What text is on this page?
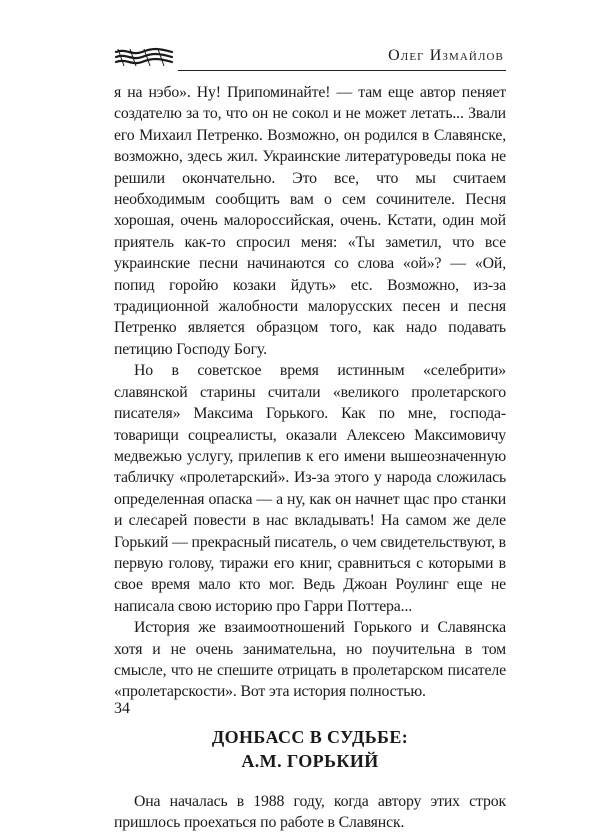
Олег Измайлов

я на нэбо». Ну! Припоминайте! — там еще автор пеняет создателю за то, что он не сокол и не может летать... Звали его Михаил Петренко. Возможно, он родился в Славянске, возможно, здесь жил. Украинские литературоведы пока не решили окончательно. Это все, что мы считаем необходимым сообщить вам о сем сочинителе. Песня хорошая, очень малороссийская, очень. Кстати, один мой приятель как-то спросил меня: «Ты заметил, что все украинские песни начинаются со слова «ой»? — «Ой, попид горойю козаки йдуть» etc. Возможно, из-за традиционной жалобности малорусских песен и песня Петренко является образцом того, как надо подавать петицию Господу Богу.

Но в советское время истинным «селебрити» славянской старины считали «великого пролетарского писателя» Максима Горького. Как по мне, господа-товарищи соцреалисты, оказали Алексею Максимовичу медвежью услугу, прилепив к его имени вышеозначенную табличку «пролетарский». Из-за этого у народа сложилась определенная опаска — а ну, как он начнет щас про станки и слесарей повести в нас вкладывать! На самом же деле Горький — прекрасный писатель, о чем свидетельствуют, в первую голову, тиражи его книг, сравниться с которыми в свое время мало кто мог. Ведь Джоан Роулинг еще не написала свою историю про Гарри Поттера...

История же взаимоотношений Горького и Славянска хотя и не очень занимательна, но поучительна в том смысле, что не спешите отрицать в пролетарском писателе «пролетарскости». Вот эта история полностью.

ДОНБАСС В СУДЬБЕ:
А.М. ГОРЬКИЙ

Она началась в 1988 году, когда автору этих строк пришлось проехаться по работе в Славянск.

34
